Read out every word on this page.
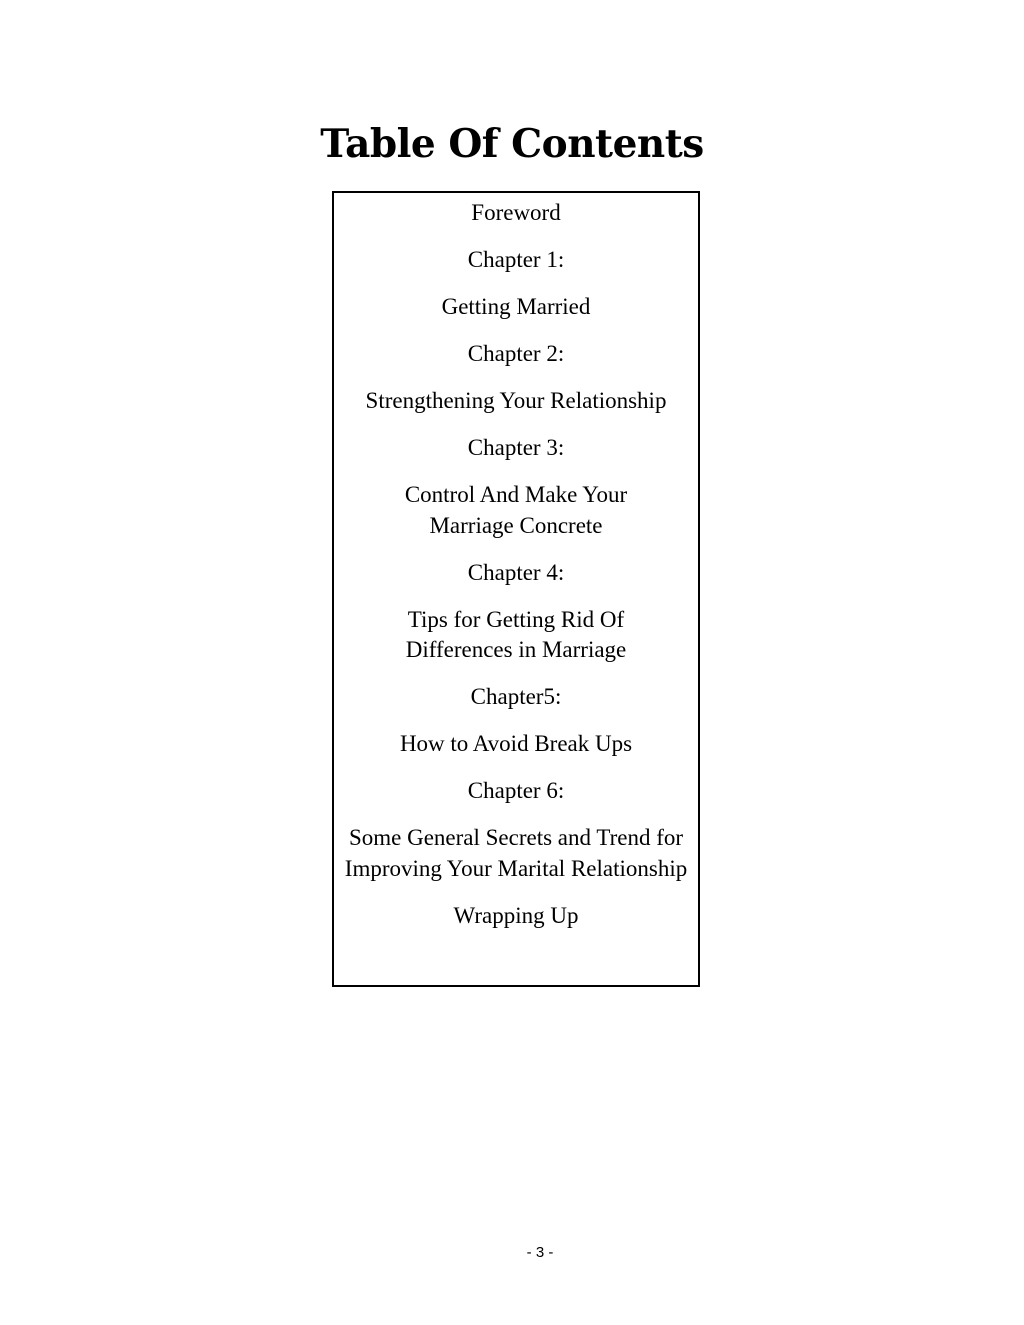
Table Of Contents
Foreword
Chapter 1:
Getting Married
Chapter 2:
Strengthening Your Relationship
Chapter 3:
Control And Make Your Marriage Concrete
Chapter 4:
Tips for Getting Rid Of Differences in Marriage
Chapter5:
How to Avoid Break Ups
Chapter 6:
Some General Secrets and Trend for Improving Your Marital Relationship
Wrapping Up
- 3 -
